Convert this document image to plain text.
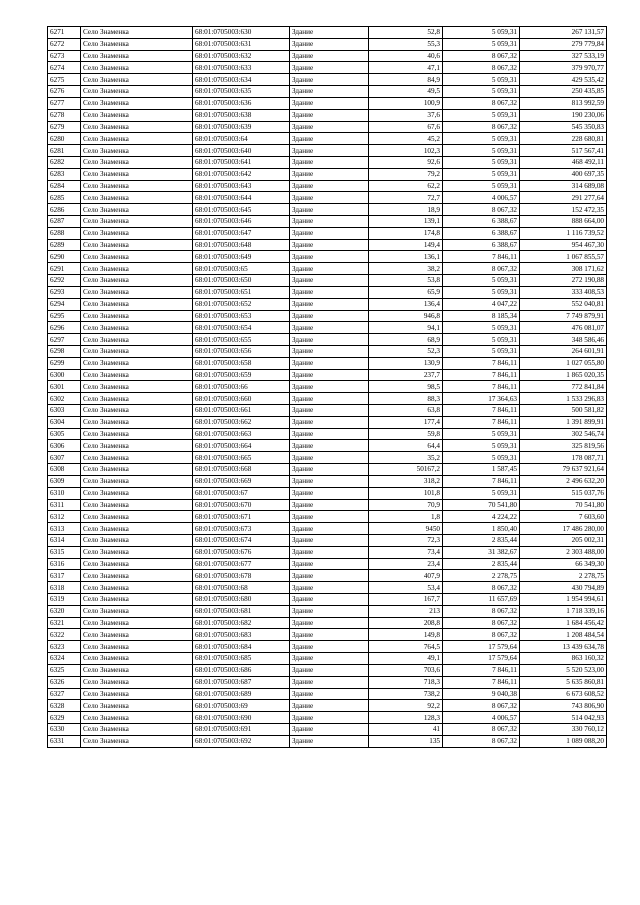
6271	Село Знаменка	68:01:0705003:630	Здание	52,8	5 059,31	267 131,57
6272	Село Знаменка	68:01:0705003:631	Здание	55,3	5 059,31	279 779,84
6273	Село Знаменка	68:01:0705003:632	Здание	40,6	8 067,32	327 533,19
6274	Село Знаменка	68:01:0705003:633	Здание	47,1	8 067,32	379 970,77
6275	Село Знаменка	68:01:0705003:634	Здание	84,9	5 059,31	429 535,42
6276	Село Знаменка	68:01:0705003:635	Здание	49,5	5 059,31	250 435,85
6277	Село Знаменка	68:01:0705003:636	Здание	100,9	8 067,32	813 992,59
6278	Село Знаменка	68:01:0705003:638	Здание	37,6	5 059,31	190 230,06
6279	Село Знаменка	68:01:0705003:639	Здание	67,6	8 067,32	545 350,83
6280	Село Знаменка	68:01:0705003:64	Здание	45,2	5 059,31	228 680,81
6281	Село Знаменка	68:01:0705003:640	Здание	102,3	5 059,31	517 567,41
6282	Село Знаменка	68:01:0705003:641	Здание	92,6	5 059,31	468 492,11
6283	Село Знаменка	68:01:0705003:642	Здание	79,2	5 059,31	400 697,35
6284	Село Знаменка	68:01:0705003:643	Здание	62,2	5 059,31	314 689,08
6285	Село Знаменка	68:01:0705003:644	Здание	72,7	4 006,57	291 277,64
6286	Село Знаменка	68:01:0705003:645	Здание	18,9	8 067,32	152 472,35
6287	Село Знаменка	68:01:0705003:646	Здание	139,1	6 388,67	888 664,00
6288	Село Знаменка	68:01:0705003:647	Здание	174,8	6 388,67	1 116 739,52
6289	Село Знаменка	68:01:0705003:648	Здание	149,4	6 388,67	954 467,30
6290	Село Знаменка	68:01:0705003:649	Здание	136,1	7 846,11	1 067 855,57
6291	Село Знаменка	68:01:0705003:65	Здание	38,2	8 067,32	308 171,62
6292	Село Знаменка	68:01:0705003:650	Здание	53,8	5 059,31	272 190,88
6293	Село Знаменка	68:01:0705003:651	Здание	65,9	5 059,31	333 408,53
6294	Село Знаменка	68:01:0705003:652	Здание	136,4	4 047,22	552 040,81
6295	Село Знаменка	68:01:0705003:653	Здание	946,8	8 185,34	7 749 879,91
6296	Село Знаменка	68:01:0705003:654	Здание	94,1	5 059,31	476 081,07
6297	Село Знаменка	68:01:0705003:655	Здание	68,9	5 059,31	348 586,46
6298	Село Знаменка	68:01:0705003:656	Здание	52,3	5 059,31	264 601,91
6299	Село Знаменка	68:01:0705003:658	Здание	130,9	7 846,11	1 027 055,80
6300	Село Знаменка	68:01:0705003:659	Здание	237,7	7 846,11	1 865 020,35
6301	Село Знаменка	68:01:0705003:66	Здание	98,5	7 846,11	772 841,84
6302	Село Знаменка	68:01:0705003:660	Здание	88,3	17 364,63	1 533 296,83
6303	Село Знаменка	68:01:0705003:661	Здание	63,8	7 846,11	500 581,82
6304	Село Знаменка	68:01:0705003:662	Здание	177,4	7 846,11	1 391 899,91
6305	Село Знаменка	68:01:0705003:663	Здание	59,8	5 059,31	302 546,74
6306	Село Знаменка	68:01:0705003:664	Здание	64,4	5 059,31	325 819,56
6307	Село Знаменка	68:01:0705003:665	Здание	35,2	5 059,31	178 087,71
6308	Село Знаменка	68:01:0705003:668	Здание	50167,2	1 587,45	79 637 921,64
6309	Село Знаменка	68:01:0705003:669	Здание	318,2	7 846,11	2 496 632,20
6310	Село Знаменка	68:01:0705003:67	Здание	101,8	5 059,31	515 037,76
6311	Село Знаменка	68:01:0705003:670	Здание	70,9	70 541,80	70 541,80
6312	Село Знаменка	68:01:0705003:671	Здание	1,8	4 224,22	7 603,60
6313	Село Знаменка	68:01:0705003:673	Здание	9450	1 850,40	17 486 280,00
6314	Село Знаменка	68:01:0705003:674	Здание	72,3	2 835,44	205 002,31
6315	Село Знаменка	68:01:0705003:676	Здание	73,4	31 382,67	2 303 488,00
6316	Село Знаменка	68:01:0705003:677	Здание	23,4	2 835,44	66 349,30
6317	Село Знаменка	68:01:0705003:678	Здание	407,9	2 278,75	2 278,75
6318	Село Знаменка	68:01:0705003:68	Здание	53,4	8 067,32	430 794,89
6319	Село Знаменка	68:01:0705003:680	Здание	167,7	11 657,69	1 954 994,61
6320	Село Знаменка	68:01:0705003:681	Здание	213	8 067,32	1 718 339,16
6321	Село Знаменка	68:01:0705003:682	Здание	208,8	8 067,32	1 684 456,42
6322	Село Знаменка	68:01:0705003:683	Здание	149,8	8 067,32	1 208 484,54
6323	Село Знаменка	68:01:0705003:684	Здание	764,5	17 579,64	13 439 634,78
6324	Село Знаменка	68:01:0705003:685	Здание	49,1	17 579,64	863 160,32
6325	Село Знаменка	68:01:0705003:686	Здание	703,6	7 846,11	5 520 523,00
6326	Село Знаменка	68:01:0705003:687	Здание	718,3	7 846,11	5 635 860,81
6327	Село Знаменка	68:01:0705003:689	Здание	738,2	9 040,38	6 673 608,52
6328	Село Знаменка	68:01:0705003:69	Здание	92,2	8 067,32	743 806,90
6329	Село Знаменка	68:01:0705003:690	Здание	128,3	4 006,57	514 042,93
6330	Село Знаменка	68:01:0705003:691	Здание	41	8 067,32	330 760,12
6331	Село Знаменка	68:01:0705003:692	Здание	135	8 067,32	1 089 088,20
